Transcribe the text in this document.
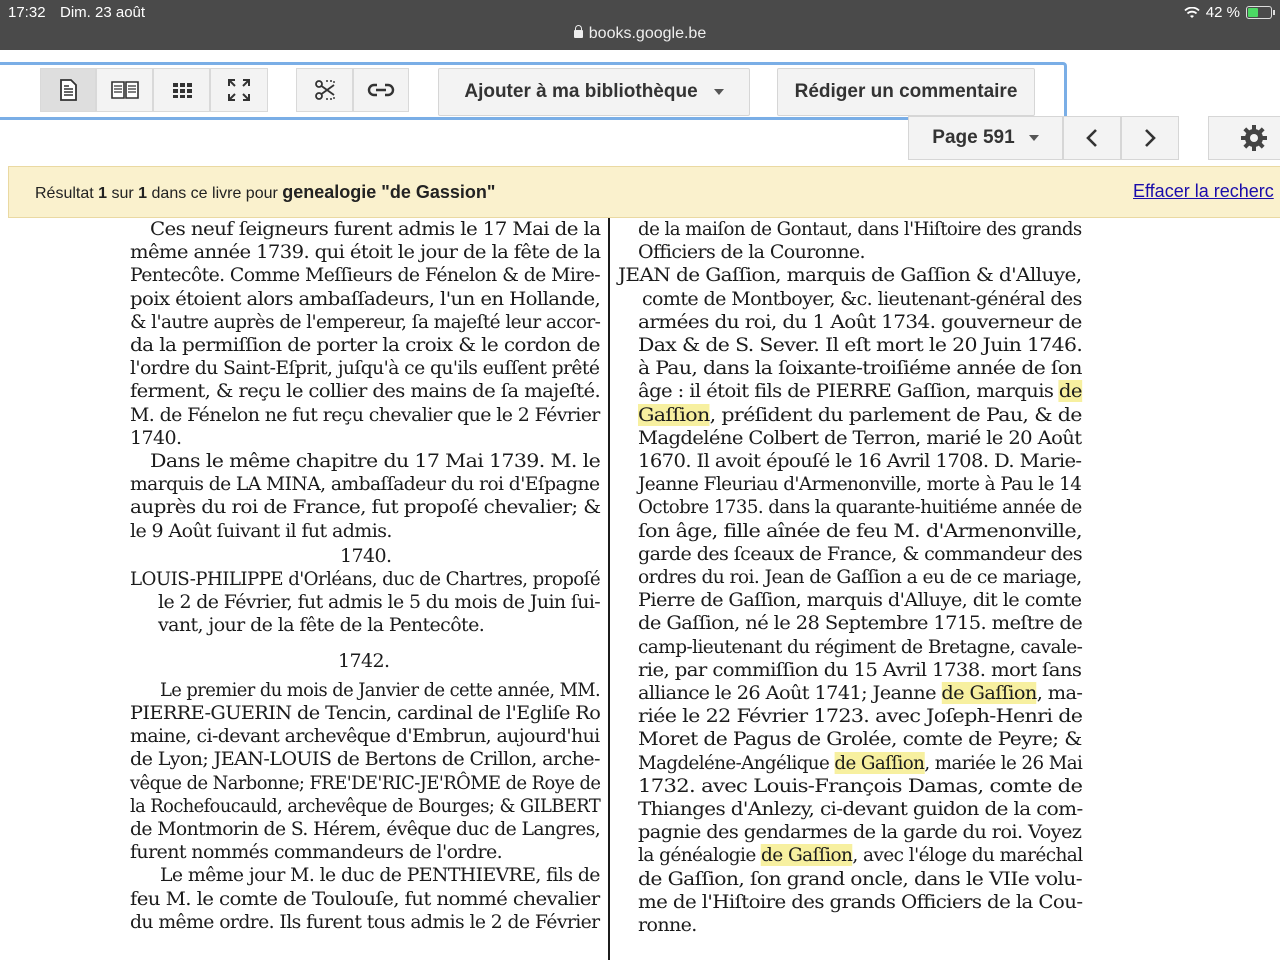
17:32 Dim. 23 août
books.google.be
42 %
Ajouter à ma bibliothèque	Rédiger un commentaire
Page 591
Résultat 1 sur 1 dans ce livre pour genealogie "de Gassion"	Effacer la recherc
Ces neuf ſeigneurs furent admis le 17 Mai de la
même année 1739. qui étoit le jour de la fête de la
Pentecôte. Comme Meſſieurs de Fénelon & de Mire-
poix étoient alors ambaſſadeurs, l'un en Hollande,
& l'autre auprès de l'empereur, ſa majeſté leur accor-
da la permiſſion de porter la croix & le cordon de
l'ordre du Saint-Eſprit, juſqu'à ce qu'ils euſſent prêté
ferment, & reçu le collier des mains de ſa majeſté.
M. de Fénelon ne fut reçu chevalier que le 2 Février
1740.
Dans le même chapitre du 17 Mai 1739. M. le
marquis de LA MINA, ambaſſadeur du roi d'Eſpagne
auprès du roi de France, fut propoſé chevalier; &
le 9 Août ſuivant il fut admis.
1740.
LOUIS-PHILIPPE d'Orléans, duc de Chartres, propoſé
le 2 de Février, fut admis le 5 du mois de Juin ſui-
vant, jour de la fête de la Pentecôte.
1742.
Le premier du mois de Janvier de cette année, MM.
PIERRE-GUERIN de Tencin, cardinal de l'Egliſe Ro
maine, ci-devant archevêque d'Embrun, aujourd'hui
de Lyon; JEAN-LOUIS de Bertons de Crillon, arche-
vêque de Narbonne; FRE'DE'RIC-JE'RÔME de Roye de
la Rochefoucauld, archevêque de Bourges; & GILBERT
de Montmorin de S. Hérem, évêque duc de Langres,
furent nommés commandeurs de l'ordre.
Le même jour M. le duc de PENTHIEVRE, fils de
feu M. le comte de Toulouſe, fut nommé chevalier
du même ordre. Ils furent tous admis le 2 de Février
de la maiſon de Gontaut, dans l'Hiſtoire des grands
Officiers de la Couronne.
JEAN de Gaſſion, marquis de Gaſſion & d'Alluye,
comte de Montboyer, &c. lieutenant-général des
armées du roi, du 1 Août 1734. gouverneur de
Dax & de S. Sever. Il eſt mort le 20 Juin 1746.
à Pau, dans la ſoixante-troiſiéme année de ſon
âge : il étoit fils de PIERRE Gaſſion, marquis de
Gaſſion, préſident du parlement de Pau, & de
Magdeléne Colbert de Terron, marié le 20 Août
1670. Il avoit épouſé le 16 Avril 1708. D. Marie-
Jeanne Fleuriau d'Armenonville, morte à Pau le 14
Octobre 1735. dans la quarante-huitiéme année de
ſon âge, fille aînée de feu M. d'Armenonville,
garde des ſceaux de France, & commandeur des
ordres du roi. Jean de Gaſſion a eu de ce mariage,
Pierre de Gaſſion, marquis d'Alluye, dit le comte
de Gaſſion, né le 28 Septembre 1715. meſtre de
camp-lieutenant du régiment de Bretagne, cavale-
rie, par commiſſion du 15 Avril 1738. mort ſans
alliance le 26 Août 1741; Jeanne de Gaſſion, ma-
riée le 22 Février 1723. avec Joſeph-Henri de
Moret de Pagus de Grolée, comte de Peyre; &
Magdeléne-Angélique de Gaſſion, mariée le 26 Mai
1732. avec Louis-François Damas, comte de
Thianges d'Anlezy, ci-devant guidon de la com-
pagnie des gendarmes de la garde du roi. Voyez
la généalogie de Gaſſion, avec l'éloge du maréchal
de Gaſſion, ſon grand oncle, dans le VIIe volu-
me de l'Hiſtoire des grands Officiers de la Cou-
ronne.
